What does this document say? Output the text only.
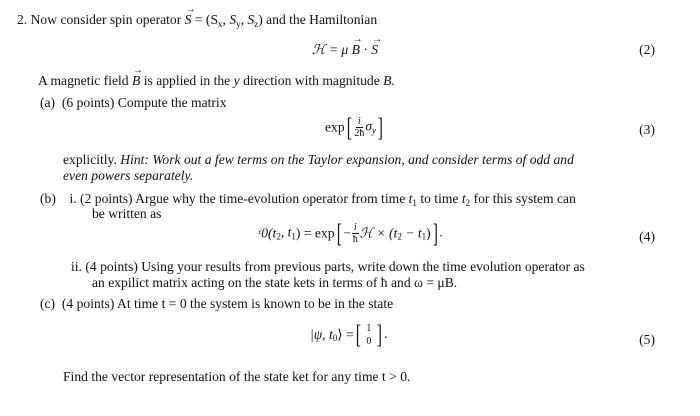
2. Now consider spin operator → $S = (S_x$, $S_y$, $S_z$) and the Hamiltonian
ℋ = μ → B · → S	(2)
A magnetic field → B is applied in the y direction with magnitude B.
(a) (6 points) Compute the matrix
$\exp[ \frac{i}{2ħ} \sigma_y]$	(3)
explicitly. Hint: Work out a few terms on the Taylor expansion, and consider terms of odd and
even powers separately.
(b) i. (2 points) Argue why the time-evolution operator from time $t_1$ to time $t_2$ for this system can
be written as
$ᵋ0(t_2$, $t_1) = \exp[ - \frac{i}{ħ}$ ℋ × $(t_2 - t_1)$] .	(4)
ii. (4 points) Using your results from previous parts, write down the time evolution operator as
an expilict matrix acting on the state kets in terms of ħ and ω = μB.
(c) (4 points) At time t = 0 the system is known to be in the state
|ψ, $t_0⟩$ =[ 1
0 ] .	(5)
Find the vector representation of the state ket for any time t > 0.
